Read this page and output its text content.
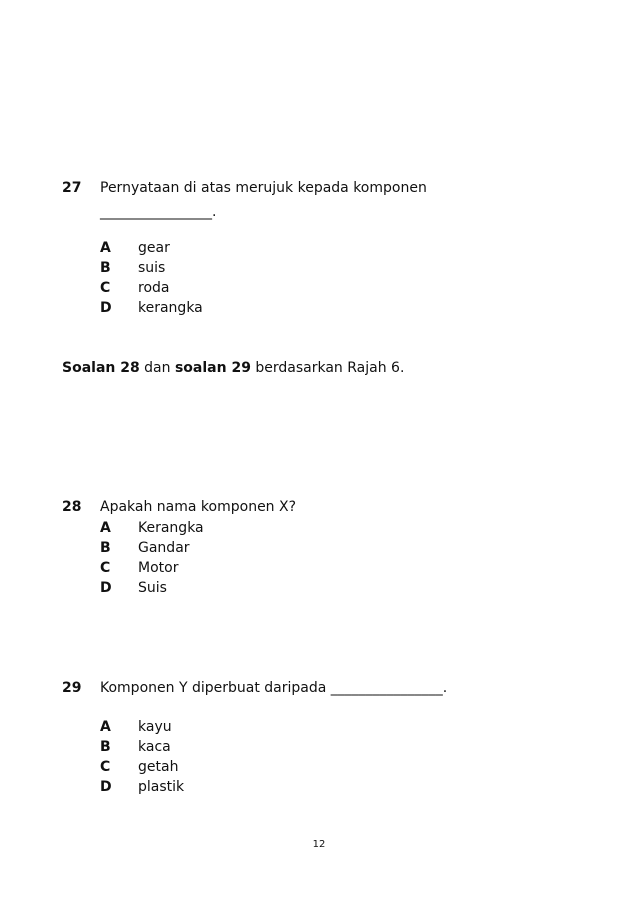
27 Pernyataan di atas merujuk kepada komponen
________________.
A gear
B suis
C roda
D kerangka
Soalan 28 dan soalan 29 berdasarkan Rajah 6.
28 Apakah nama komponen X?
A Kerangka
B Gandar
C Motor
D Suis
29 Komponen Y diperbuat daripada ________________.
A kayu
B kaca
C getah
D plastik
12
